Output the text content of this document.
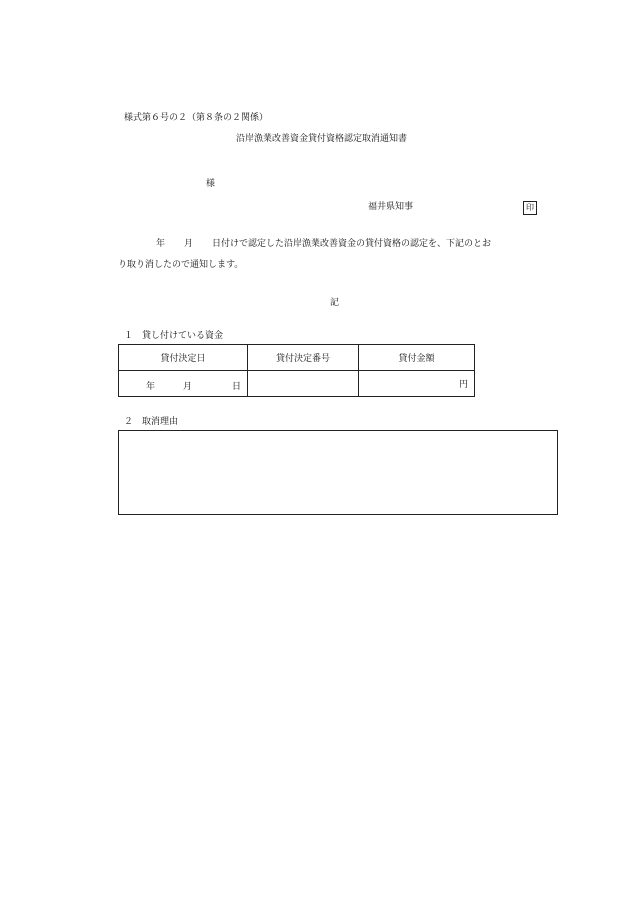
様式第６号の２（第８条の２関係）
沿岸漁業改善資金貸付資格認定取消通知書
様
福井県知事	印
年 月 日付けで認定した沿岸漁業改善資金の貸付資格の認定を、下記のとお
り取り消したので通知します。
記
１　貸し付けている資金
貸付決定日	貸付決定番号	貸付金額

年 月 日		円
２　取消理由
